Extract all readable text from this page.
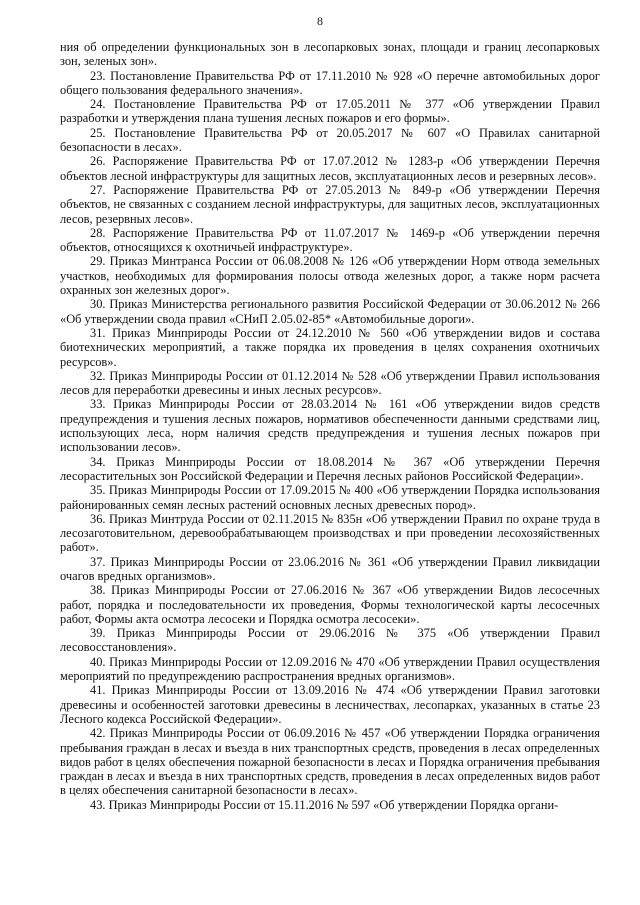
8

ния об определении функциональных зон в лесопарковых зонах, площади и границ лесопарковых зон, зеленых зон».

23. Постановление Правительства РФ от 17.11.2010 № 928 «О перечне автомобильных дорог общего пользования федерального значения».

24. Постановление Правительства РФ от 17.05.2011 № 377 «Об утверждении Правил разработки и утверждения плана тушения лесных пожаров и его формы».

25. Постановление Правительства РФ от 20.05.2017 № 607 «О Правилах санитарной безопасности в лесах».

26. Распоряжение Правительства РФ от 17.07.2012 № 1283-р «Об утверждении Перечня объектов лесной инфраструктуры для защитных лесов, эксплуатационных лесов и резервных лесов».

27. Распоряжение Правительства РФ от 27.05.2013 № 849-р «Об утверждении Перечня объектов, не связанных с созданием лесной инфраструктуры, для защитных лесов, эксплуатационных лесов, резервных лесов».

28. Распоряжение Правительства РФ от 11.07.2017 № 1469-р «Об утверждении перечня объектов, относящихся к охотничьей инфраструктуре».

29. Приказ Минтранса России от 06.08.2008 № 126 «Об утверждении Норм отвода земельных участков, необходимых для формирования полосы отвода железных дорог, а также норм расчета охранных зон железных дорог».

30. Приказ Министерства регионального развития Российской Федерации от 30.06.2012 № 266 «Об утверждении свода правил «СНиП 2.05.02-85* «Автомобильные дороги».

31. Приказ Минприроды России от 24.12.2010 № 560 «Об утверждении видов и состава биотехнических мероприятий, а также порядка их проведения в целях сохранения охотничьих ресурсов».

32. Приказ Минприроды России от 01.12.2014 № 528 «Об утверждении Правил использования лесов для переработки древесины и иных лесных ресурсов».

33. Приказ Минприроды России от 28.03.2014 № 161 «Об утверждении видов средств предупреждения и тушения лесных пожаров, нормативов обеспеченности данными средствами лиц, использующих леса, норм наличия средств предупреждения и тушения лесных пожаров при использовании лесов».

34. Приказ Минприроды России от 18.08.2014 № 367 «Об утверждении Перечня лесорастительных зон Российской Федерации и Перечня лесных районов Российской Федерации».

35. Приказ Минприроды России от 17.09.2015 № 400 «Об утверждении Порядка использования районированных семян лесных растений основных лесных древесных пород».

36. Приказ Минтруда России от 02.11.2015 № 835н «Об утверждении Правил по охране труда в лесозаготовительном, деревообрабатывающем производствах и при проведении лесохозяйственных работ».

37. Приказ Минприроды России от 23.06.2016 № 361 «Об утверждении Правил ликвидации очагов вредных организмов».

38. Приказ Минприроды России от 27.06.2016 № 367 «Об утверждении Видов лесосечных работ, порядка и последовательности их проведения, Формы технологической карты лесосечных работ, Формы акта осмотра лесосеки и Порядка осмотра лесосеки».

39. Приказ Минприроды России от 29.06.2016 № 375 «Об утверждении Правил лесовосстановления».

40. Приказ Минприроды России от 12.09.2016 № 470 «Об утверждении Правил осуществления мероприятий по предупреждению распространения вредных организмов».

41. Приказ Минприроды России от 13.09.2016 № 474 «Об утверждении Правил заготовки древесины и особенностей заготовки древесины в лесничествах, лесопарках, указанных в статье 23 Лесного кодекса Российской Федерации».

42. Приказ Минприроды России от 06.09.2016 № 457 «Об утверждении Порядка ограничения пребывания граждан в лесах и въезда в них транспортных средств, проведения в лесах определенных видов работ в целях обеспечения пожарной безопасности в лесах и Порядка ограничения пребывания граждан в лесах и въезда в них транспортных средств, проведения в лесах определенных видов работ в целях обеспечения санитарной безопасности в лесах».

43. Приказ Минприроды России от 15.11.2016 № 597 «Об утверждении Порядка органи-
